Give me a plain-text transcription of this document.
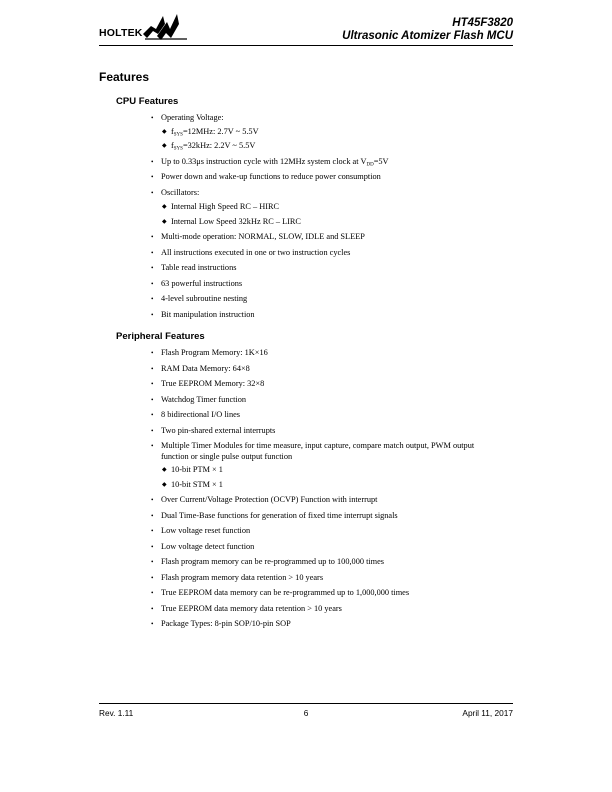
HOLTEK
HT45F3820
Ultrasonic Atomizer Flash MCU
Features
CPU Features
• Operating Voltage:
◆ $f_{SYS}=12MHz$: 2.7V ~ 5.5V
◆ $f_{SYS}=32kHz$: 2.2V ~ 5.5V
• Up to 0.33μs instruction cycle with 12MHz system clock at $V_{DD}=5V$
• Power down and wake-up functions to reduce power consumption
• Oscillators:
◆ Internal High Speed RC – HIRC
◆ Internal Low Speed 32kHz RC – LIRC
• Multi-mode operation: NORMAL, SLOW, IDLE and SLEEP
• All instructions executed in one or two instruction cycles
• Table read instructions
• 63 powerful instructions
• 4-level subroutine nesting
• Bit manipulation instruction
Peripheral Features
• Flash Program Memory: 1K×16
• RAM Data Memory: 64×8
• True EEPROM Memory: 32×8
• Watchdog Timer function
• 8 bidirectional I/O lines
• Two pin-shared external interrupts
• Multiple Timer Modules for time measure, input capture, compare match output, PWM output
function or single pulse output function
◆ 10-bit PTM × 1
◆ 10-bit STM × 1
• Over Current/Voltage Protection (OCVP) Function with interrupt
• Dual Time-Base functions for generation of fixed time interrupt signals
• Low voltage reset function
• Low voltage detect function
• Flash program memory can be re-programmed up to 100,000 times
• Flash program memory data retention > 10 years
• True EEPROM data memory can be re-programmed up to 1,000,000 times
• True EEPROM data memory data retention > 10 years
• Package Types: 8-pin SOP/10-pin SOP
Rev. 1.11	6	April 11, 2017
